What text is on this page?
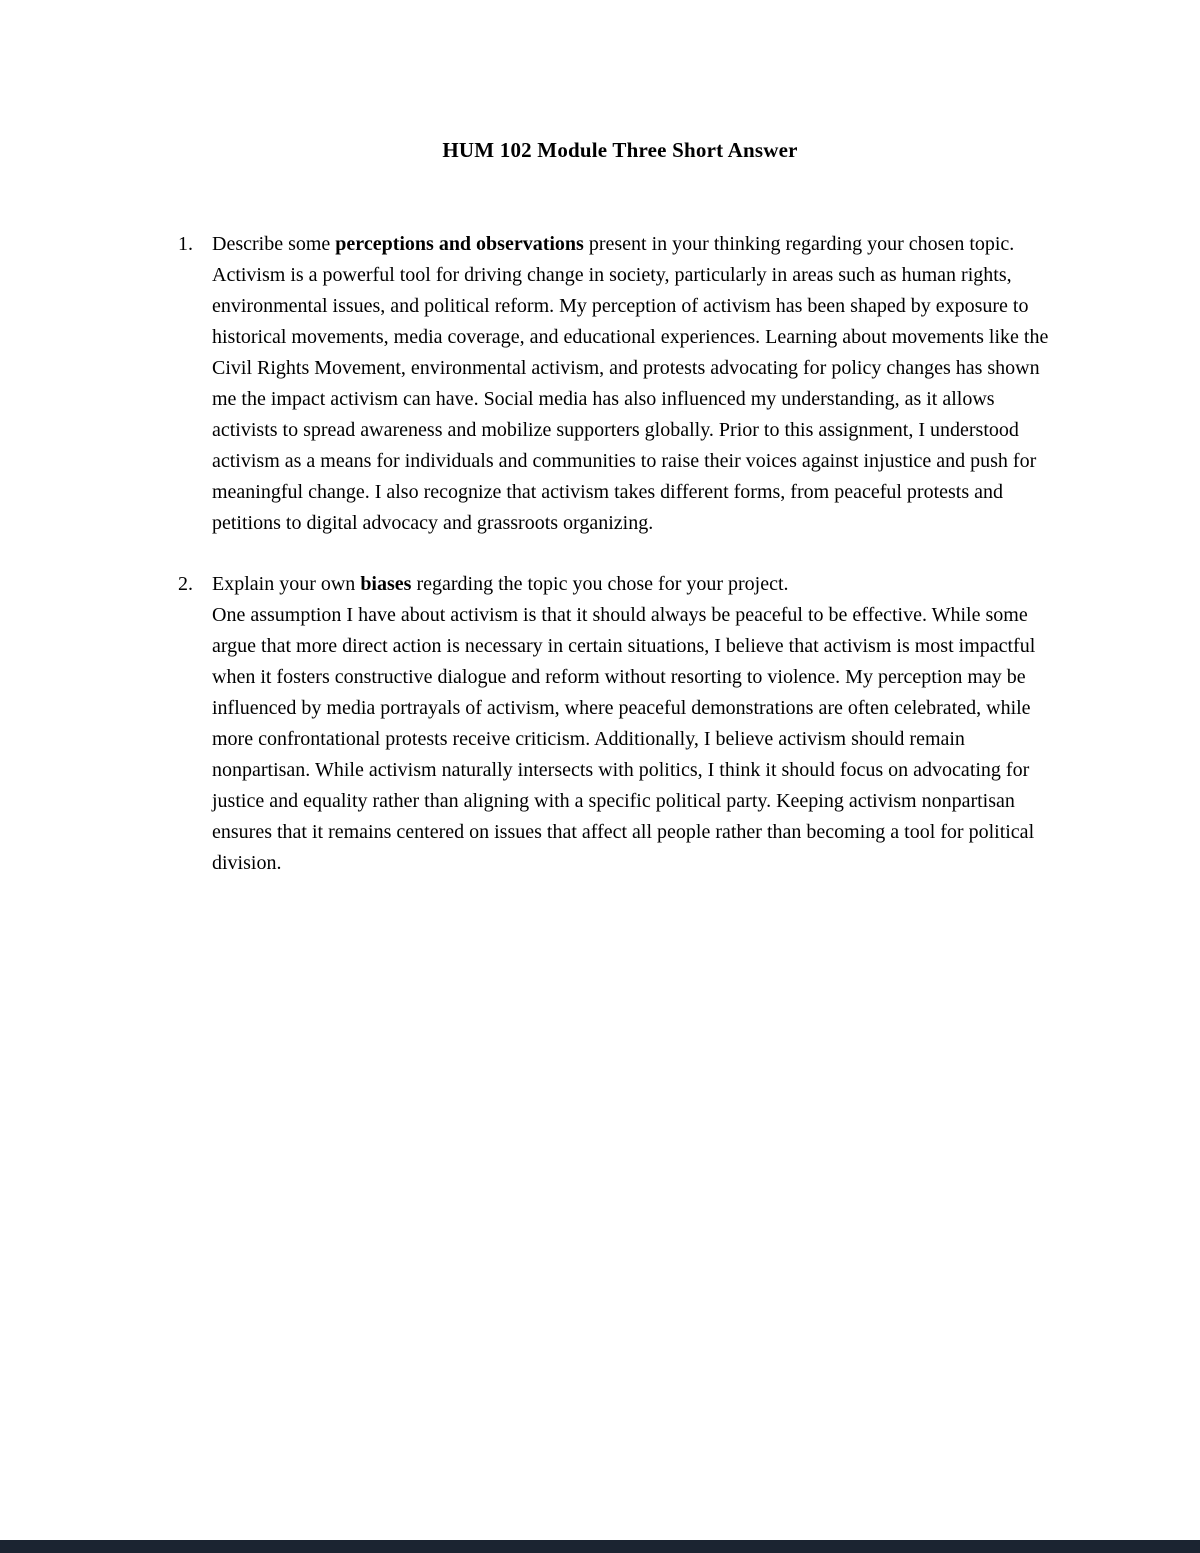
HUM 102 Module Three Short Answer
1. Describe some perceptions and observations present in your thinking regarding your chosen topic.

Activism is a powerful tool for driving change in society, particularly in areas such as human rights, environmental issues, and political reform. My perception of activism has been shaped by exposure to historical movements, media coverage, and educational experiences. Learning about movements like the Civil Rights Movement, environmental activism, and protests advocating for policy changes has shown me the impact activism can have. Social media has also influenced my understanding, as it allows activists to spread awareness and mobilize supporters globally. Prior to this assignment, I understood activism as a means for individuals and communities to raise their voices against injustice and push for meaningful change. I also recognize that activism takes different forms, from peaceful protests and petitions to digital advocacy and grassroots organizing.

2. Explain your own biases regarding the topic you chose for your project.

One assumption I have about activism is that it should always be peaceful to be effective. While some argue that more direct action is necessary in certain situations, I believe that activism is most impactful when it fosters constructive dialogue and reform without resorting to violence. My perception may be influenced by media portrayals of activism, where peaceful demonstrations are often celebrated, while more confrontational protests receive criticism. Additionally, I believe activism should remain nonpartisan. While activism naturally intersects with politics, I think it should focus on advocating for justice and equality rather than aligning with a specific political party. Keeping activism nonpartisan ensures that it remains centered on issues that affect all people rather than becoming a tool for political division.
